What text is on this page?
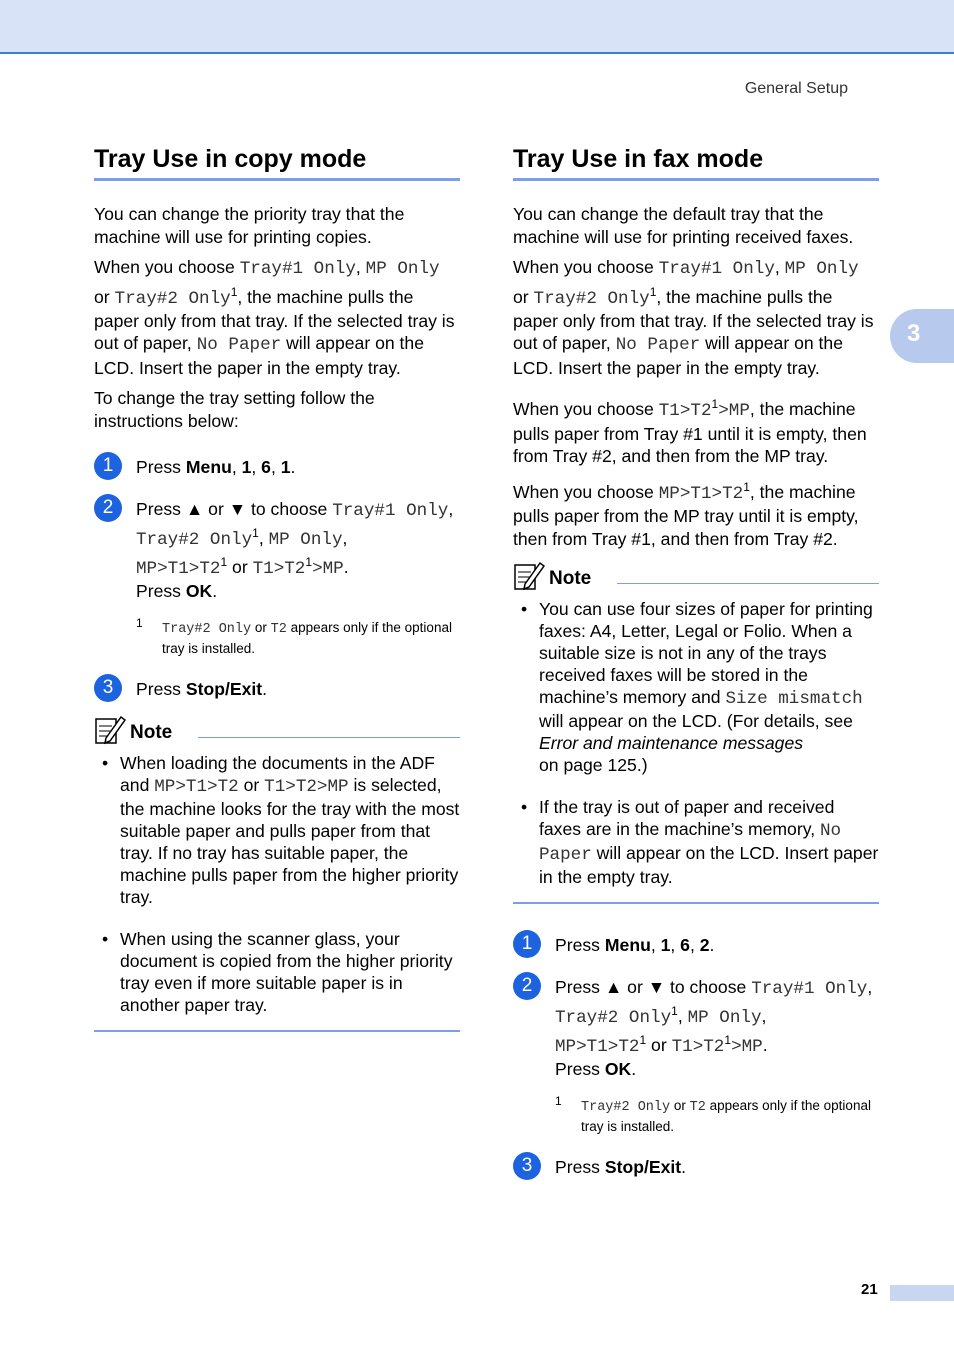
General Setup
3
Tray Use in copy mode

You can change the priority tray that the machine will use for printing copies.

When you choose Tray#1 Only, MP Only
or Tray#2 Only$^1$, the machine pulls the paper only from that tray. If the selected tray is out of paper, No Paper will appear on the LCD. Insert the paper in the empty tray.

To change the tray setting follow the instructions below:

1	Press Menu, 1, 6, 1.
2	Press ▲ or ▼ to choose Tray#1 Only,
Tray#2 Only$^1$, MP Only,
$MP>T1>T2^1$ or $T1>T2^1>MP$.
Press OK.
1 Tray#2 Only or T2 appears only if the optional tray is installed.
3	Press Stop/Exit.
Note
• When loading the documents in the ADF and MP>T1>T2 or T1>T2>MP is selected, the machine looks for the tray with the most suitable paper and pulls paper from that tray. If no tray has suitable paper, the machine pulls paper from the higher priority tray.
• When using the scanner glass, your document is copied from the higher priority tray even if more suitable paper is in another paper tray.
Tray Use in fax mode

You can change the default tray that the machine will use for printing received faxes.

When you choose Tray#1 Only, MP Only
or Tray#2 Only$^1$, the machine pulls the paper only from that tray. If the selected tray is out of paper, No Paper will appear on the LCD. Insert the paper in the empty tray.

When you choose $T1>T2^1>MP$, the machine pulls paper from Tray #1 until it is empty, then from Tray #2, and then from the MP tray.

When you choose $MP>T1>T2^1$, the machine pulls paper from the MP tray until it is empty, then from Tray #1, and then from Tray #2.

Note
• You can use four sizes of paper for printing faxes: A4, Letter, Legal or Folio. When a suitable size is not in any of the trays received faxes will be stored in the machine’s memory and Size mismatch will appear on the LCD. (For details, see Error and maintenance messages
on page 125.)
• If the tray is out of paper and received faxes are in the machine’s memory, No Paper will appear on the LCD. Insert paper in the empty tray.
1	Press Menu, 1, 6, 2.
2	Press ▲ or ▼ to choose Tray#1 Only,
Tray#2 Only$^1$, MP Only,
$MP>T1>T2^1$ or $T1>T2^1>MP$.
Press OK.
1 Tray#2 Only or T2 appears only if the optional tray is installed.
3	Press Stop/Exit.
21
